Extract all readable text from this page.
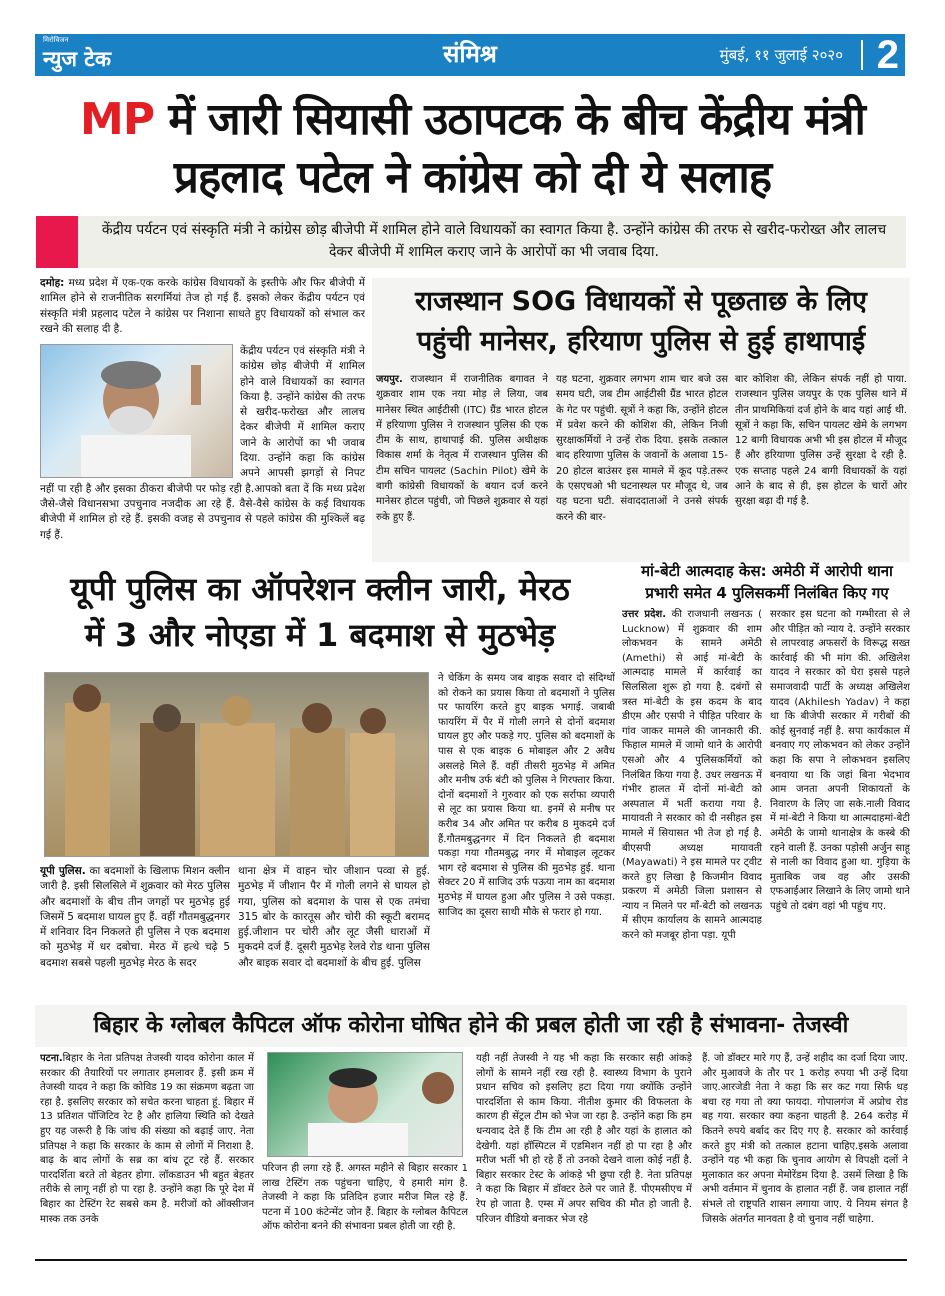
मिरोविजन
न्युज टेक	संमिश्र	मुंबई, ११ जुलाई २०२० 2
MP में जारी सियासी उठापटक के बीच केंद्रीय मंत्री
प्रहलाद पटेल ने कांग्रेस को दी ये सलाह
केंद्रीय पर्यटन एवं संस्कृति मंत्री ने कांग्रेस छोड़ बीजेपी में शामिल होने वाले विधायकों का स्वागत किया है. उन्होंने कांग्रेस की तरफ से खरीद-फरोख्त और लालच देकर बीजेपी में शामिल कराए जाने के आरोपों का भी जवाब दिया.
दमोह: मध्य प्रदेश में एक-एक करके कांग्रेस विधायकों के इस्तीफे और फिर बीजेपी में शामिल होने से राजनीतिक सरगर्मियां तेज हो गई हैं. इसको लेकर केंद्रीय पर्यटन एवं संस्कृति मंत्री प्रहलाद पटेल ने कांग्रेस पर निशाना साधते हुए विधायकों को संभाल कर रखने की सलाह दी है.
केंद्रीय पर्यटन एवं संस्कृति मंत्री ने कांग्रेस छोड़ बीजेपी में शामिल होने वाले विधायकों का स्वागत किया है. उन्होंने कांग्रेस की तरफ से खरीद-फरोख्त और लालच देकर बीजेपी में शामिल कराए जाने के आरोपों का भी जवाब दिया. उन्होंने कहा कि कांग्रेस अपने आपसी झगड़ों से निपट नहीं पा रही है और इसका ठीकरा बीजेपी पर फोड़ रही है.आपको बता दें कि मध्य प्रदेश जैसे-जैसे विधानसभा उपचुनाव नजदीक आ रहे हैं. वैसे-वैसे कांग्रेस के कई विधायक बीजेपी में शामिल हो रहे हैं. इसकी वजह से उपचुनाव से पहले कांग्रेस की मुश्किलें बढ़ गई हैं.
राजस्थान SOG विधायकों से पूछताछ के लिए
पहुंची मानेसर, हरियाण पुलिस से हुई हाथापाई
जयपुर. राजस्थान में राजनीतिक बगावत ने शुक्रवार शाम एक नया मोड़ ले लिया, जब मानेसर स्थित आईटीसी (ITC) ग्रैंड भारत होटल में हरियाणा पुलिस ने राजस्थान पुलिस की एक टीम के साथ, हाथापाई की. पुलिस अधीक्षक विकास शर्मा के नेतृत्व में राजस्थान पुलिस की टीम सचिन पायलट (Sachin Pilot) खेमे के बागी कांग्रेसी विधायकों के बयान दर्ज करने मानेसर होटल पहुंची, जो पिछले शुक्रवार से यहां रुके हुए हैं.
यह घटना, शुक्रवार लगभग शाम चार बजे उस समय घटी, जब टीम आईटीसी ग्रैंड भारत होटल के गेट पर पहुंची. सूत्रों ने कहा कि, उन्होंने होटल में प्रवेश करने की कोशिश की, लेकिन निजी सुरक्षाकर्मियों ने उन्हें रोक दिया. इसके तत्काल बाद हरियाणा पुलिस के जवानों के अलावा 15-20 होटल बाउंसर इस मामले में कूद पड़े.तरूर के एसएचओ भी घटनास्थल पर मौजूद थे, जब यह घटना घटी. संवाददाताओं ने उनसे संपर्क करने की बार-
बार कोशिश की, लेकिन संपर्क नहीं हो पाया. राजस्थान पुलिस जयपुर के एक पुलिस थाने में तीन प्राथमिकियां दर्ज होने के बाद यहां आई थी. सूत्रों ने कहा कि, सचिन पायलट खेमे के लगभग 12 बागी विधायक अभी भी इस होटल में मौजूद हैं और हरियाणा पुलिस उन्हें सुरक्षा दे रही है. एक सप्ताह पहले 24 बागी विधायकों के यहां आने के बाद से ही, इस होटल के चारों ओर सुरक्षा बढ़ा दी गई है.
यूपी पुलिस का ऑपरेशन क्लीन जारी, मेरठ
में 3 और नोएडा में 1 बदमाश से मुठभेड़
यूपी पुलिस. का बदमाशों के खिलाफ मिशन क्लीन जारी है. इसी सिलसिले में शुक्रवार को मेरठ पुलिस और बदमाशों के बीच तीन जगहों पर मुठभेड़ हुई जिसमें 5 बदमाश घायल हुए हैं. वहीं गौतमबुद्धनगर में शनिवार दिन निकलते ही पुलिस ने एक बदमाश को मुठभेड़ में धर दबोचा. मेरठ में हत्थे चढ़े 5 बदमाश सबसे पहली मुठभेड़ मेरठ के सदर
थाना क्षेत्र में वाहन चोर जीशान पव्वा से हुई. मुठभेड़ में जीशान पैर में गोली लगने से घायल हो गया, पुलिस को बदमाश के पास से एक तमंचा 315 बोर के कारतूस और चोरी की स्कूटी बरामद हुई.जीशान पर चोरी और लूट जैसी धाराओं में मुकदमे दर्ज हैं. दूसरी मुठभेड़ रेलवे रोड थाना पुलिस और बाइक सवार दो बदमाशों के बीच हुई. पुलिस
ने चेकिंग के समय जब बाइक सवार दो संदिग्धों को रोकने का प्रयास किया तो बदमाशों ने पुलिस पर फायरिंग करते हुए बाइक भगाई. जबाबी फायरिंग में पैर में गोली लगने से दोनों बदमाश घायल हुए और पकड़े गए. पुलिस को बदमाशों के पास से एक बाइक 6 मोबाइल और 2 अवैध असलहे मिले हैं. वहीं तीसरी मुठभेड़ में अमित और मनीष उर्फ बंटी को पुलिस ने गिरफ्तार किया. दोनों बदमाशों ने गुरुवार को एक सर्राफा व्यपारी से लूट का प्रयास किया था. इनमें से मनीष पर करीब 34 और अमित पर करीब 8 मुकदमे दर्ज हैं.गौतमबुद्धनगर में दिन निकलते ही बदमाश पकड़ा गया गौतमबुद्ध नगर में मोबाइल लूटकर भाग रहे बदमाश से पुलिस की मुठभेड़ हुई. थाना सेक्टर 20 में साजिद उर्फ पऊया नाम का बदमाश मुठभेड़ में घायल हुआ और पुलिस ने उसे पकड़ा. साजिद का दूसरा साथी मौके से फरार हो गया.
मां-बेटी आत्मदाह केस: अमेठी में आरोपी थाना
प्रभारी समेत 4 पुलिसकर्मी निलंबित किए गए
उत्तर प्रदेश. की राजधानी लखनऊ ( Lucknow) में शुक्रवार की शाम लोकभवन के सामने अमेठी (Amethi) से आई मां-बेटी के आत्मदाह मामले में कार्रवाई का सिलसिला शुरू हो गया है. दबंगों से त्रस्त मां-बेटी के इस कदम के बाद डीएम और एसपी ने पीड़ित परिवार के गांव जाकर मामले की जानकारी की. फिहाल मामले में जामो थाने के आरोपी एसओ और 4 पुलिसकर्मियों को निलंबित किया गया है. उधर लखनऊ में गंभीर हालत में दोनों मां-बेटी को अस्पताल में भर्ती कराया गया है. मायावती ने सरकार को दी नसीहत इस मामले में सियासत भी तेज हो गई है. बीएसपी अध्यक्ष मायावती (Mayawati) ने इस मामले पर ट्वीट करते हुए लिखा है किजमीन विवाद प्रकरण में अमेठी जिला प्रशासन से न्याय न मिलने पर माँ-बेटी को लखनऊ में सीएम कार्यालय के सामने आत्मदाह करने को मजबूर होना पड़ा. यूपी
सरकार इस घटना को गम्भीरता से ले और पीड़ित को न्याय दे. उन्होंने सरकार से लापरवाह अफसरों के विरूद्ध सख्त कार्रवाई की भी मांग की. अखिलेश यादव ने सरकार को घेरा इससे पहले समाजवादी पार्टी के अध्यक्ष अखिलेश यादव (Akhilesh Yadav) ने कहा था कि बीजेपी सरकार में गरीबों की कोई सुनवाई नहीं है. सपा कार्यकाल में बनवाए गए लोकभवन को लेकर उन्होंने कहा कि सपा ने लोकभवन इसलिए बनवाया था कि जहां बिना भेदभाव आम जनता अपनी शिकायतों के निवारण के लिए जा सके.नाली विवाद में मां-बेटी ने किया था आत्मदाहमां-बेटी अमेठी के जामो थानाक्षेत्र के कस्बे की रहने वाली हैं. उनका पड़ोसी अर्जुन साहू से नाली का विवाद हुआ था. गुड़िया के मुताबिक जब वह और उसकी एफआईआर लिखाने के लिए जामो थाने पहुंचे तो दबंग वहां भी पहुंच गए.
बिहार के ग्लोबल कैपिटल ऑफ कोरोना घोषित होने की प्रबल होती जा रही है संभावना- तेजस्वी
पटना.बिहार के नेता प्रतिपक्ष तेजस्वी यादव कोरोना काल में सरकार की तैयारियों पर लगातार हमलावर हैं. इसी क्रम में तेजस्वी यादव ने कहा कि कोविड 19 का संक्रमण बढ़ता जा रहा है. इसलिए सरकार को सचेत करना चाहता हूं. बिहार में 13 प्रतिशत पॉजिटिव रेट है और हालिया स्थिति को देखते हुए यह जरूरी है कि जांच की संख्या को बढ़ाई जाए. नेता प्रतिपक्ष ने कहा कि सरकार के काम से लोगों में निराशा है. बाढ़ के बाद लोगों के सब्र का बांध टूट रहे हैं. सरकार पारदर्शिता बरते तो बेहतर होगा. लॉकडाउन भी बहुत बेहतर तरीके से लागू नहीं हो पा रहा है. उन्होंने कहा कि पूरे देश में बिहार का टेस्टिंग रेट सबसे कम है. मरीजों को ऑक्सीजन मास्क तक उनके
परिजन ही लगा रहे हैं. अगस्त महीने से बिहार सरकार 1 लाख टेस्टिंग तक पहुंचना चाहिए, ये हमारी मांग है. तेजस्वी ने कहा कि प्रतिदिन हजार मरीज मिल रहे हैं. पटना में 100 कंटेन्मेंट जोन हैं. बिहार के ग्लोबल कैपिटल ऑफ कोरोना बनने की संभावना प्रबल होती जा रही है.
यही नहीं तेजस्वी ने यह भी कहा कि सरकार सही आंकड़े लोगों के सामने नहीं रख रही है. स्वास्थ्य विभाग के पुराने प्रधान सचिव को इसलिए हटा दिया गया क्योंकि उन्होंने पारदर्शिता से काम किया. नीतीश कुमार की विफलता के कारण ही सेंट्रल टीम को भेज जा रहा है. उन्होंने कहा कि हम धन्यवाद देते हैं कि टीम आ रही है और यहां के हालात को देखेगी. यहां हॉस्पिटल में एडमिशन नहीं हो पा रहा है और मरीज भर्ती भी हो रहे हैं तो उनको देखने वाला कोई नहीं है. बिहार सरकार टेस्ट के आंकड़े भी छुपा रही है. नेता प्रतिपक्ष ने कहा कि बिहार में डॉक्टर ठेले पर जाते हैं. पीएमसीएच में रेप हो जाता है. एम्स में अपर सचिव की मौत हो जाती है. परिजन वीडियो बनाकर भेज रहे
हैं. जो डॉक्टर मारे गए हैं, उन्हें शहीद का दर्जा दिया जाए. और मुआवजे के तौर पर 1 करोड़ रुपया भी उन्हें दिया जाए.आरजेडी नेता ने कहा कि सर कट गया सिर्फ धड़ बचा रह गया तो क्या फायदा. गोपालगंज में अप्रोच रोड बह गया. सरकार क्या कहना चाहती है. 264 करोड़ में कितने रुपये बर्बाद कर दिए गए है. सरकार को कार्रवाई करते हुए मंत्री को तत्काल हटाना चाहिए.इसके अलावा उन्होंने यह भी कहा कि चुनाव आयोग से विपक्षी दलों ने मुलाकात कर अपना मेमोरेंडम दिया है. उसमें लिखा है कि अभी वर्तमान में चुनाव के हालात नहीं हैं. जब हालात नहीं संभले तो राष्ट्रपति शासन लगाया जाए. ये नियम संगत है जिसके अंतर्गत मानवता है वो चुनाव नहीं चाहेगा.
